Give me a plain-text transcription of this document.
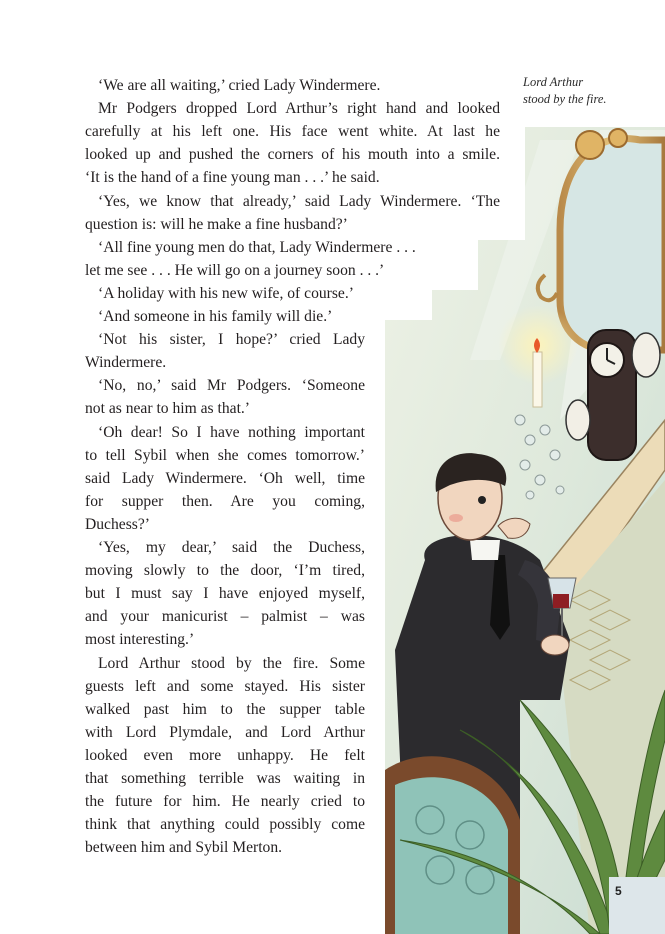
Lord Arthur
stood by the fire.
‘We are all waiting,’ cried Lady Windermere.
Mr Podgers dropped Lord Arthur’s right hand and looked
carefully at his left one. His face went white. At last he
looked up and pushed the corners of his mouth into a smile.
‘It is the hand of a fine young man . . .’ he said.
‘Yes, we know that already,’ said Lady Windermere. ‘The
question is: will he make a fine husband?’
‘All fine young men do that, Lady Windermere . . .
let me see . . . He will go on a journey soon . . .’
‘A holiday with his new wife, of course.’
‘And someone in his family will die.’
‘Not his sister, I hope?’ cried Lady
Windermere.
‘No, no,’ said Mr Podgers. ‘Someone
not as near to him as that.’
‘Oh dear! So I have nothing important
to tell Sybil when she comes tomorrow.’
said Lady Windermere. ‘Oh well, time
for supper then. Are you coming,
Duchess?’
‘Yes, my dear,’ said the Duchess,
moving slowly to the door, ‘I’m tired,
but I must say I have enjoyed myself,
and your manicurist – palmist – was
most interesting.’
Lord Arthur stood by the fire. Some
guests left and some stayed. His sister
walked past him to the supper table
with Lord Plymdale, and Lord Arthur
looked even more unhappy. He felt
that something terrible was waiting in
the future for him. He nearly cried to
think that anything could possibly come
between him and Sybil Merton.
5
